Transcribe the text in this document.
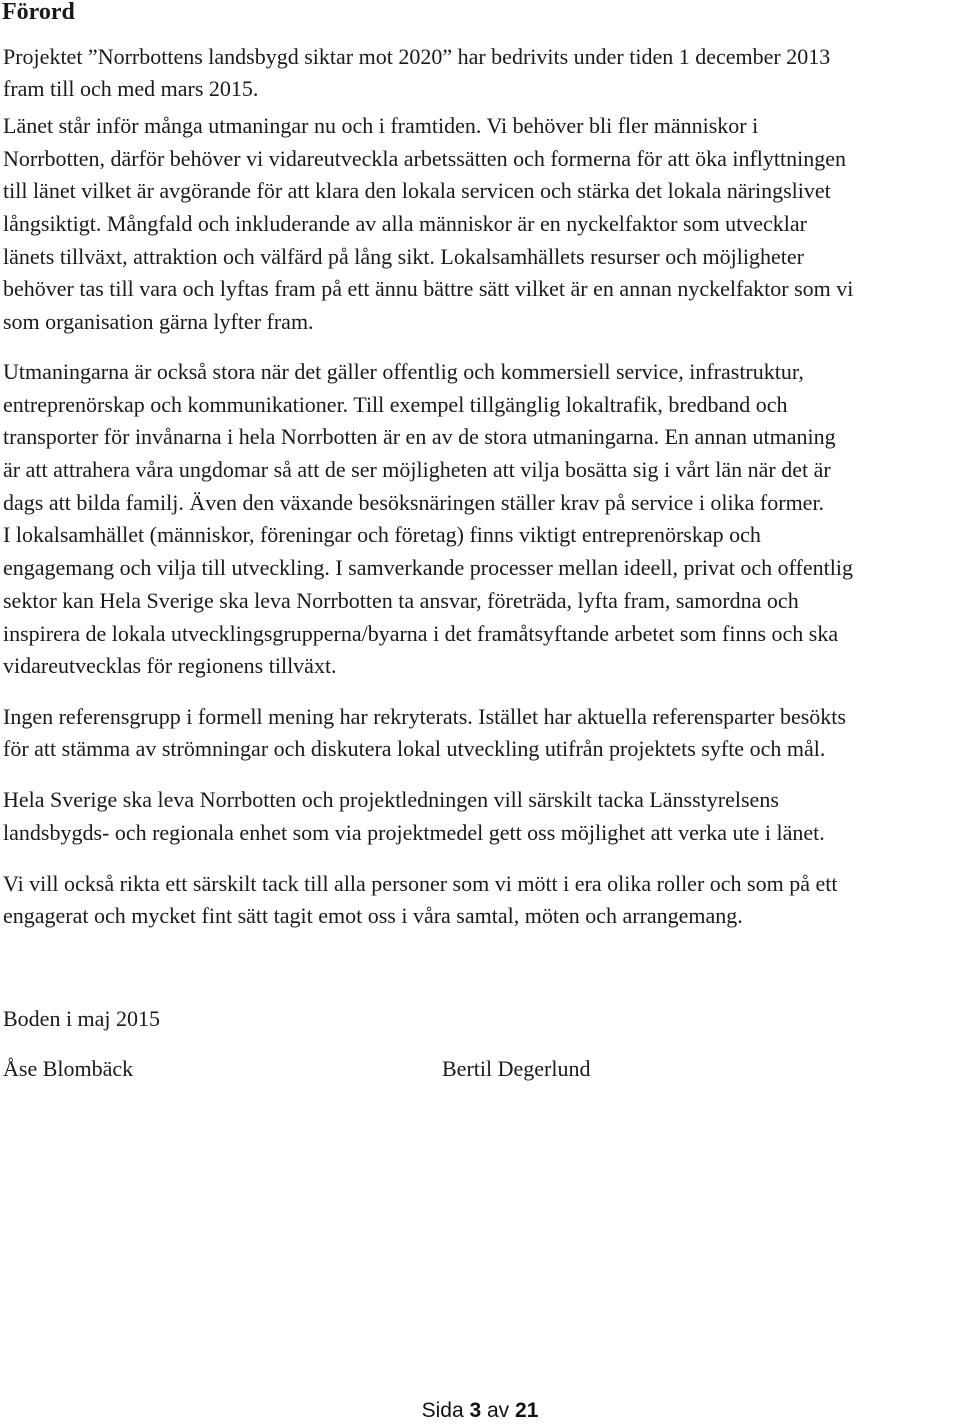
Förord
Projektet ”Norrbottens landsbygd siktar mot 2020” har bedrivits under tiden 1 december 2013
fram till och med mars 2015.
Länet står inför många utmaningar nu och i framtiden. Vi behöver bli fler människor i
Norrbotten, därför behöver vi vidareutveckla arbetssätten och formerna för att öka inflyttningen
till länet vilket är avgörande för att klara den lokala servicen och stärka det lokala näringslivet
långsiktigt. Mångfald och inkluderande av alla människor är en nyckelfaktor som utvecklar
länets tillväxt, attraktion och välfärd på lång sikt. Lokalsamhällets resurser och möjligheter
behöver tas till vara och lyftas fram på ett ännu bättre sätt vilket är en annan nyckelfaktor som vi
som organisation gärna lyfter fram.
Utmaningarna är också stora när det gäller offentlig och kommersiell service, infrastruktur,
entreprenörskap och kommunikationer. Till exempel tillgänglig lokaltrafik, bredband och
transporter för invånarna i hela Norrbotten är en av de stora utmaningarna. En annan utmaning
är att attrahera våra ungdomar så att de ser möjligheten att vilja bosätta sig i vårt län när det är
dags att bilda familj. Även den växande besöksnäringen ställer krav på service i olika former.
I lokalsamhället (människor, föreningar och företag) finns viktigt entreprenörskap och
engagemang och vilja till utveckling. I samverkande processer mellan ideell, privat och offentlig
sektor kan Hela Sverige ska leva Norrbotten ta ansvar, företräda, lyfta fram, samordna och
inspirera de lokala utvecklingsgrupperna/byarna i det framåtsyftande arbetet som finns och ska
vidareutvecklas för regionens tillväxt.
Ingen referensgrupp i formell mening har rekryterats. Istället har aktuella referensparter besökts
för att stämma av strömningar och diskutera lokal utveckling utifrån projektets syfte och mål.
Hela Sverige ska leva Norrbotten och projektledningen vill särskilt tacka Länsstyrelsens
landsbygds- och regionala enhet som via projektmedel gett oss möjlighet att verka ute i länet.
Vi vill också rikta ett särskilt tack till alla personer som vi mött i era olika roller och som på ett
engagerat och mycket fint sätt tagit emot oss i våra samtal, möten och arrangemang.
Boden i maj 2015
Åse Blombäck	Bertil Degerlund
Sida 3 av 21
